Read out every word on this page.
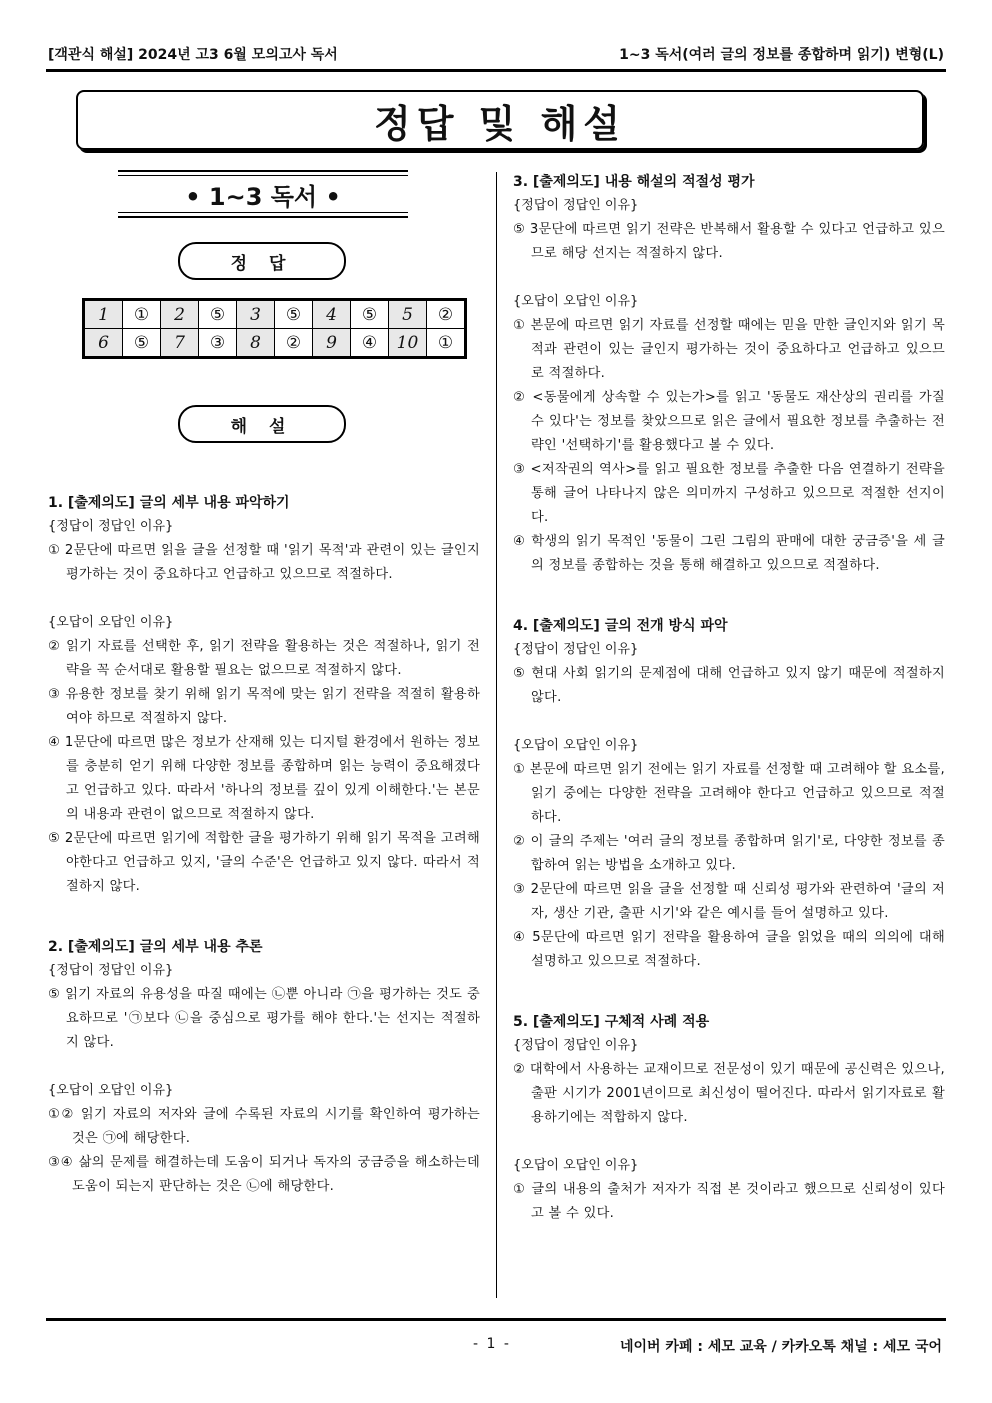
[객관식 해설] 2024년 고3 6월 모의고사 독서	1~3 독서(여러 글의 정보를 종합하며 읽기) 변형(L)
정답 및 해설
• 1~3 독서 •
정 답
1	①	2	⑤	3	⑤	4	⑤	5	②
6	⑤	7	③	8	②	9	④	10	①
해 설

1. [출제의도] 글의 세부 내용 파악하기

{정답이 정답인 이유}

① 2문단에 따르면 읽을 글을 선정할 때 '읽기 목적'과 관련이 있는 글인지 평가하는 것이 중요하다고 언급하고 있으므로 적절하다.

{오답이 오답인 이유}

② 읽기 자료를 선택한 후, 읽기 전략을 활용하는 것은 적절하나, 읽기 전략을 꼭 순서대로 활용할 필요는 없으므로 적절하지 않다.

③ 유용한 정보를 찾기 위해 읽기 목적에 맞는 읽기 전략을 적절히 활용하여야 하므로 적절하지 않다.

④ 1문단에 따르면 많은 정보가 산재해 있는 디지털 환경에서 원하는 정보를 충분히 얻기 위해 다양한 정보를 종합하며 읽는 능력이 중요해졌다고 언급하고 있다. 따라서 '하나의 정보를 깊이 있게 이해한다.'는 본문의 내용과 관련이 없으므로 적절하지 않다.

⑤ 2문단에 따르면 읽기에 적합한 글을 평가하기 위해 읽기 목적을 고려해야한다고 언급하고 있지, '글의 수준'은 언급하고 있지 않다. 따라서 적절하지 않다.

2. [출제의도] 글의 세부 내용 추론

{정답이 정답인 이유}

⑤ 읽기 자료의 유용성을 따질 때에는 ㉡뿐 아니라 ㉠을 평가하는 것도 중요하므로 '㉠보다 ㉡을 중심으로 평가를 해야 한다.'는 선지는 적절하지 않다.

{오답이 오답인 이유}

①② 읽기 자료의 저자와 글에 수록된 자료의 시기를 확인하여 평가하는 것은 ㉠에 해당한다.

③④ 삶의 문제를 해결하는데 도움이 되거나 독자의 궁금증을 해소하는데 도움이 되는지 판단하는 것은 ㉡에 해당한다.

3. [출제의도] 내용 해설의 적절성 평가

{정답이 정답인 이유}

⑤ 3문단에 따르면 읽기 전략은 반복해서 활용할 수 있다고 언급하고 있으므로 해당 선지는 적절하지 않다.

{오답이 오답인 이유}

① 본문에 따르면 읽기 자료를 선정할 때에는 믿을 만한 글인지와 읽기 목적과 관련이 있는 글인지 평가하는 것이 중요하다고 언급하고 있으므로 적절하다.

② <동물에게 상속할 수 있는가>를 읽고 '동물도 재산상의 권리를 가질 수 있다'는 정보를 찾았으므로 읽은 글에서 필요한 정보를 추출하는 전략인 '선택하기'를 활용했다고 볼 수 있다.

③ <저작권의 역사>를 읽고 필요한 정보를 추출한 다음 연결하기 전략을 통해 글어 나타나지 않은 의미까지 구성하고 있으므로 적절한 선지이다.

④ 학생의 읽기 목적인 '동물이 그린 그림의 판매에 대한 궁금증'을 세 글의 정보를 종합하는 것을 통해 해결하고 있으므로 적절하다.

4. [출제의도] 글의 전개 방식 파악

{정답이 정답인 이유}

⑤ 현대 사회 읽기의 문제점에 대해 언급하고 있지 않기 때문에 적절하지 않다.

{오답이 오답인 이유}

① 본문에 따르면 읽기 전에는 읽기 자료를 선정할 때 고려해야 할 요소를, 읽기 중에는 다양한 전략을 고려해야 한다고 언급하고 있으므로 적절하다.

② 이 글의 주제는 '여러 글의 정보를 종합하며 읽기'로, 다양한 정보를 종합하여 읽는 방법을 소개하고 있다.

③ 2문단에 따르면 읽을 글을 선정할 때 신뢰성 평가와 관련하여 '글의 저자, 생산 기관, 출판 시기'와 같은 예시를 들어 설명하고 있다.

④ 5문단에 따르면 읽기 전략을 활용하여 글을 읽었을 때의 의의에 대해 설명하고 있으므로 적절하다.

5. [출제의도] 구체적 사례 적용

{정답이 정답인 이유}

② 대학에서 사용하는 교재이므로 전문성이 있기 때문에 공신력은 있으나, 출판 시기가 2001년이므로 최신성이 떨어진다. 따라서 읽기자료로 활용하기에는 적합하지 않다.

{오답이 오답인 이유}

① 글의 내용의 출처가 저자가 직접 본 것이라고 했으므로 신뢰성이 있다고 볼 수 있다.

- 1 -	네이버 카페 : 세모 교육 / 카카오톡 채널 : 세모 국어
